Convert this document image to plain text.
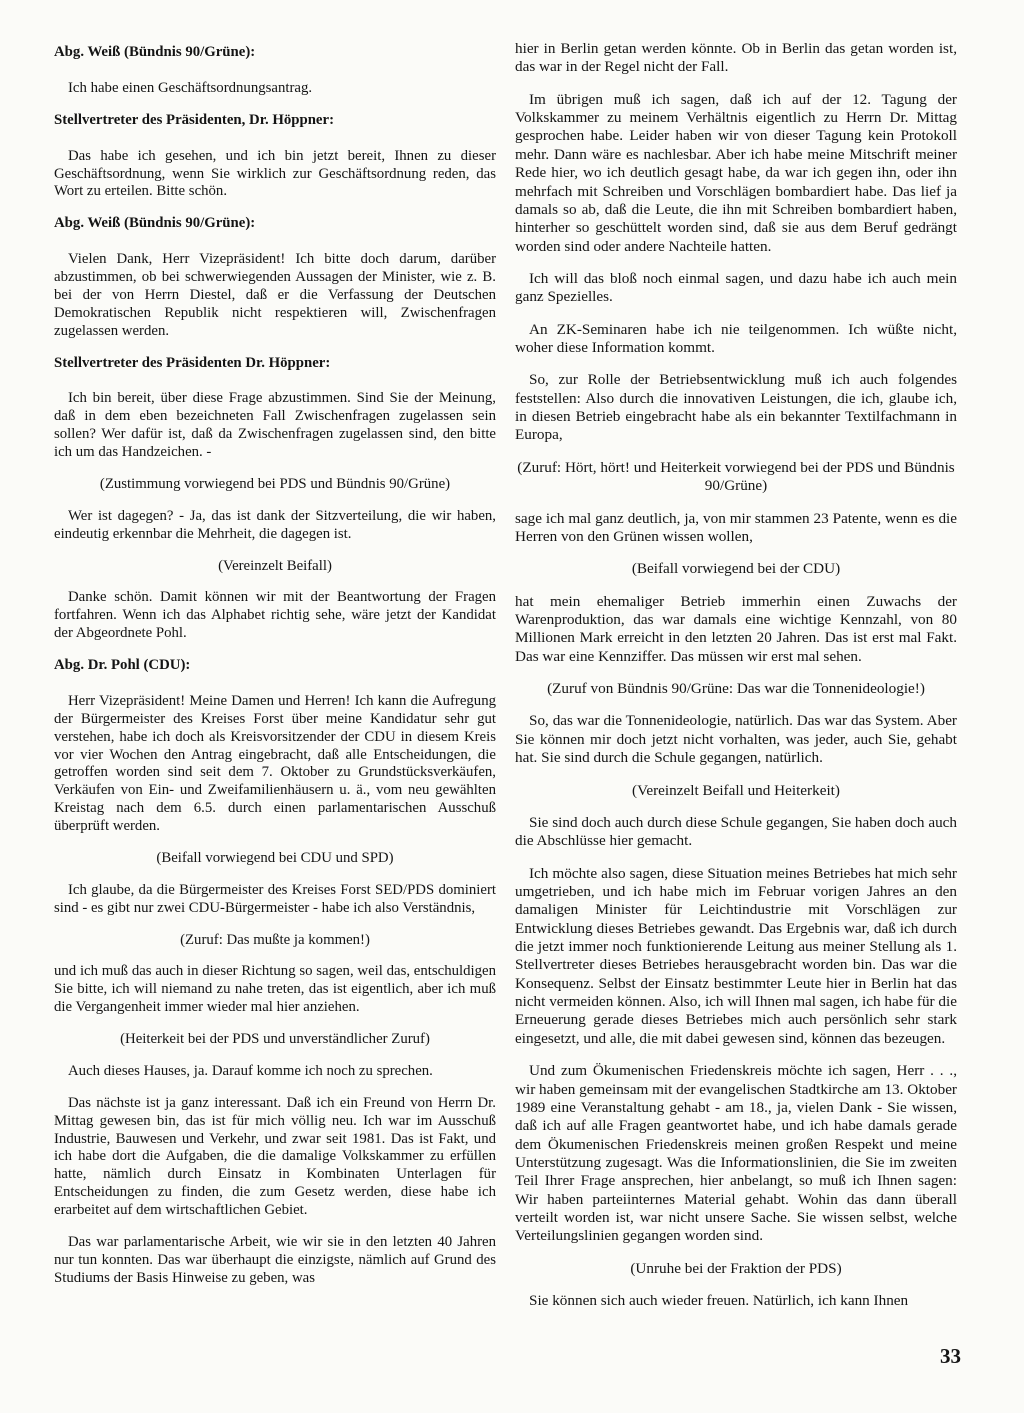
Abg. Weiß (Bündnis 90/Grüne):

Ich habe einen Geschäftsordnungsantrag.

Stellvertreter des Präsidenten, Dr. Höppner:

Das habe ich gesehen, und ich bin jetzt bereit, Ihnen zu dieser Geschäftsordnung, wenn Sie wirklich zur Geschäftsordnung reden, das Wort zu erteilen. Bitte schön.

Abg. Weiß (Bündnis 90/Grüne):

Vielen Dank, Herr Vizepräsident! Ich bitte doch darum, darüber abzustimmen, ob bei schwerwiegenden Aussagen der Minister, wie z. B. bei der von Herrn Diestel, daß er die Verfassung der Deutschen Demokratischen Republik nicht respektieren will, Zwischenfragen zugelassen werden.

Stellvertreter des Präsidenten Dr. Höppner:

Ich bin bereit, über diese Frage abzustimmen. Sind Sie der Meinung, daß in dem eben bezeichneten Fall Zwischenfragen zugelassen sein sollen? Wer dafür ist, daß da Zwischenfragen zugelassen sind, den bitte ich um das Handzeichen. -

(Zustimmung vorwiegend bei PDS und Bündnis 90/Grüne)

Wer ist dagegen? - Ja, das ist dank der Sitzverteilung, die wir haben, eindeutig erkennbar die Mehrheit, die dagegen ist.

(Vereinzelt Beifall)

Danke schön. Damit können wir mit der Beantwortung der Fragen fortfahren. Wenn ich das Alphabet richtig sehe, wäre jetzt der Kandidat der Abgeordnete Pohl.

Abg. Dr. Pohl (CDU):

Herr Vizepräsident! Meine Damen und Herren! Ich kann die Aufregung der Bürgermeister des Kreises Forst über meine Kandidatur sehr gut verstehen, habe ich doch als Kreisvorsitzender der CDU in diesem Kreis vor vier Wochen den Antrag eingebracht, daß alle Entscheidungen, die getroffen worden sind seit dem 7. Oktober zu Grundstücksverkäufen, Verkäufen von Ein- und Zweifamilienhäusern u. ä., vom neu gewählten Kreistag nach dem 6.5. durch einen parlamentarischen Ausschuß überprüft werden.

(Beifall vorwiegend bei CDU und SPD)

Ich glaube, da die Bürgermeister des Kreises Forst SED/PDS dominiert sind - es gibt nur zwei CDU-Bürgermeister - habe ich also Verständnis,

(Zuruf: Das mußte ja kommen!)

und ich muß das auch in dieser Richtung so sagen, weil das, entschuldigen Sie bitte, ich will niemand zu nahe treten, das ist eigentlich, aber ich muß die Vergangenheit immer wieder mal hier anziehen.

(Heiterkeit bei der PDS und unverständlicher Zuruf)

Auch dieses Hauses, ja. Darauf komme ich noch zu sprechen.

Das nächste ist ja ganz interessant. Daß ich ein Freund von Herrn Dr. Mittag gewesen bin, das ist für mich völlig neu. Ich war im Ausschuß Industrie, Bauwesen und Verkehr, und zwar seit 1981. Das ist Fakt, und ich habe dort die Aufgaben, die die damalige Volkskammer zu erfüllen hatte, nämlich durch Einsatz in Kombinaten Unterlagen für Entscheidungen zu finden, die zum Gesetz werden, diese habe ich erarbeitet auf dem wirtschaftlichen Gebiet.

Das war parlamentarische Arbeit, wie wir sie in den letzten 40 Jahren nur tun konnten. Das war überhaupt die einzigste, nämlich auf Grund des Studiums der Basis Hinweise zu geben, was

hier in Berlin getan werden könnte. Ob in Berlin das getan worden ist, das war in der Regel nicht der Fall.

Im übrigen muß ich sagen, daß ich auf der 12. Tagung der Volkskammer zu meinem Verhältnis eigentlich zu Herrn Dr. Mittag gesprochen habe. Leider haben wir von dieser Tagung kein Protokoll mehr. Dann wäre es nachlesbar. Aber ich habe meine Mitschrift meiner Rede hier, wo ich deutlich gesagt habe, da war ich gegen ihn, oder ihn mehrfach mit Schreiben und Vorschlägen bombardiert habe. Das lief ja damals so ab, daß die Leute, die ihn mit Schreiben bombardiert haben, hinterher so geschüttelt worden sind, daß sie aus dem Beruf gedrängt worden sind oder andere Nachteile hatten.

Ich will das bloß noch einmal sagen, und dazu habe ich auch mein ganz Spezielles.

An ZK-Seminaren habe ich nie teilgenommen. Ich wüßte nicht, woher diese Information kommt.

So, zur Rolle der Betriebsentwicklung muß ich auch folgendes feststellen: Also durch die innovativen Leistungen, die ich, glaube ich, in diesen Betrieb eingebracht habe als ein bekannter Textilfachmann in Europa,

(Zuruf: Hört, hört! und Heiterkeit vorwiegend bei der PDS und Bündnis 90/Grüne)

sage ich mal ganz deutlich, ja, von mir stammen 23 Patente, wenn es die Herren von den Grünen wissen wollen,

(Beifall vorwiegend bei der CDU)

hat mein ehemaliger Betrieb immerhin einen Zuwachs der Warenproduktion, das war damals eine wichtige Kennzahl, von 80 Millionen Mark erreicht in den letzten 20 Jahren. Das ist erst mal Fakt. Das war eine Kennziffer. Das müssen wir erst mal sehen.

(Zuruf von Bündnis 90/Grüne: Das war die Tonnenideologie!)

So, das war die Tonnenideologie, natürlich. Das war das System. Aber Sie können mir doch jetzt nicht vorhalten, was jeder, auch Sie, gehabt hat. Sie sind durch die Schule gegangen, natürlich.

(Vereinzelt Beifall und Heiterkeit)

Sie sind doch auch durch diese Schule gegangen, Sie haben doch auch die Abschlüsse hier gemacht.

Ich möchte also sagen, diese Situation meines Betriebes hat mich sehr umgetrieben, und ich habe mich im Februar vorigen Jahres an den damaligen Minister für Leichtindustrie mit Vorschlägen zur Entwicklung dieses Betriebes gewandt. Das Ergebnis war, daß ich durch die jetzt immer noch funktionierende Leitung aus meiner Stellung als 1. Stellvertreter dieses Betriebes herausgebracht worden bin. Das war die Konsequenz. Selbst der Einsatz bestimmter Leute hier in Berlin hat das nicht vermeiden können. Also, ich will Ihnen mal sagen, ich habe für die Erneuerung gerade dieses Betriebes mich auch persönlich sehr stark eingesetzt, und alle, die mit dabei gewesen sind, können das bezeugen.

Und zum Ökumenischen Friedenskreis möchte ich sagen, Herr . . ., wir haben gemeinsam mit der evangelischen Stadtkirche am 13. Oktober 1989 eine Veranstaltung gehabt - am 18., ja, vielen Dank - Sie wissen, daß ich auf alle Fragen geantwortet habe, und ich habe damals gerade dem Ökumenischen Friedenskreis meinen großen Respekt und meine Unterstützung zugesagt. Was die Informationslinien, die Sie im zweiten Teil Ihrer Frage ansprechen, hier anbelangt, so muß ich Ihnen sagen: Wir haben parteiinternes Material gehabt. Wohin das dann überall verteilt worden ist, war nicht unsere Sache. Sie wissen selbst, welche Verteilungslinien gegangen worden sind.

(Unruhe bei der Fraktion der PDS)

Sie können sich auch wieder freuen. Natürlich, ich kann Ihnen

33
